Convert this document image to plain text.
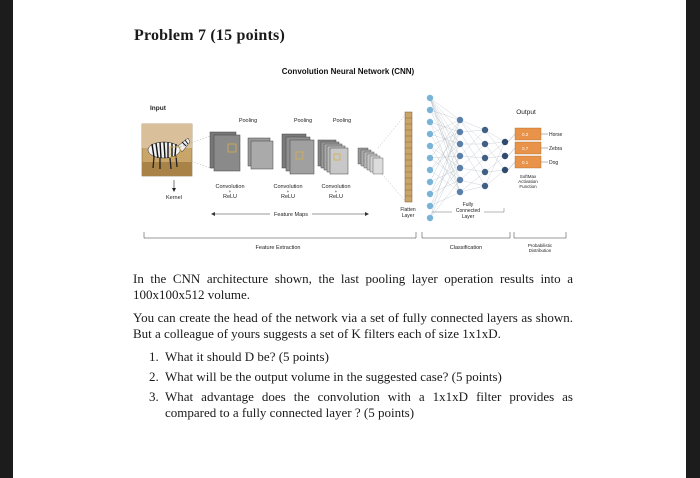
Problem 7 (15 points)
Convolution Neural Network (CNN)
Input
Kernel
Pooling	Pooling	Pooling
Flatten
Layer
Fully
Connected
Layer
Output
0.2
0.7
0.1
Horse
Zebra
Dog
SoftMax
Activation
Function
Convolution
+
ReLU
Convolution
+
ReLU
Convolution
+
ReLU
Feature Maps
Feature Extraction	Classification	Probabilistic
Distribution
In the CNN architecture shown, the last pooling layer operation results into a 100x100x512 volume.
You can create the head of the network via a set of fully connected layers as shown. But a colleague of yours suggests a set of K filters each of size 1x1xD.
1. What it should D be? (5 points)
2. What will be the output volume in the suggested case? (5 points)
3. What advantage does the convolution with a 1x1xD filter provides as compared to a fully connected layer ? (5 points)
